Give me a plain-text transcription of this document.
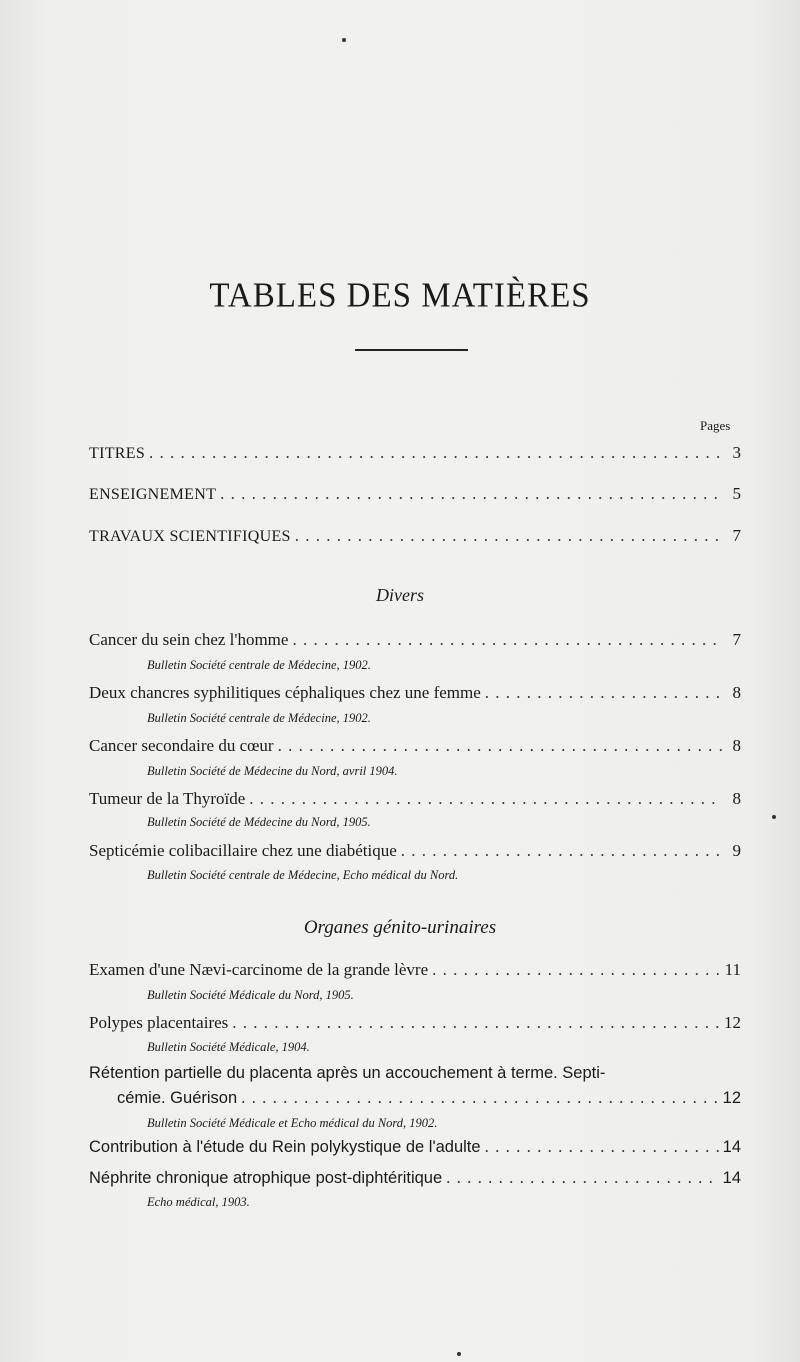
TABLES DES MATIÈRES
Pages
TITRES . . .	3
ENSEIGNEMENT . . .	5
TRAVAUX SCIENTIFIQUES . . .	7
Divers
Cancer du sein chez l'homme . . .	7
Bulletin Société centrale de Médecine, 1902.
Deux chancres syphilitiques céphaliques chez une femme . . .	8
Bulletin Société centrale de Médecine, 1902.
Cancer secondaire du cœur . . .	8
Bulletin Société de Médecine du Nord, avril 1904.
Tumeur de la Thyroïde . . .	8
Bulletin Société de Médecine du Nord, 1905.
Septicémie colibacillaire chez une diabétique . . .	9
Bulletin Société centrale de Médecine, Echo médical du Nord.
Organes génito-urinaires
Examen d'une Nævi-carcinome de la grande lèvre . . .	11
Bulletin Société Médicale du Nord, 1905.
Polypes placentaires . . .	12
Bulletin Société Médicale, 1904.
Rétention partielle du placenta après un accouchement à terme. Septi-
cémie. Guérison . . .	12
Bulletin Société Médicale et Echo médical du Nord, 1902.
Contribution à l'étude du Rein polykystique de l'adulte . . .	14
Néphrite chronique atrophique post-diphtéritique . . .	14
Echo médical, 1903.
